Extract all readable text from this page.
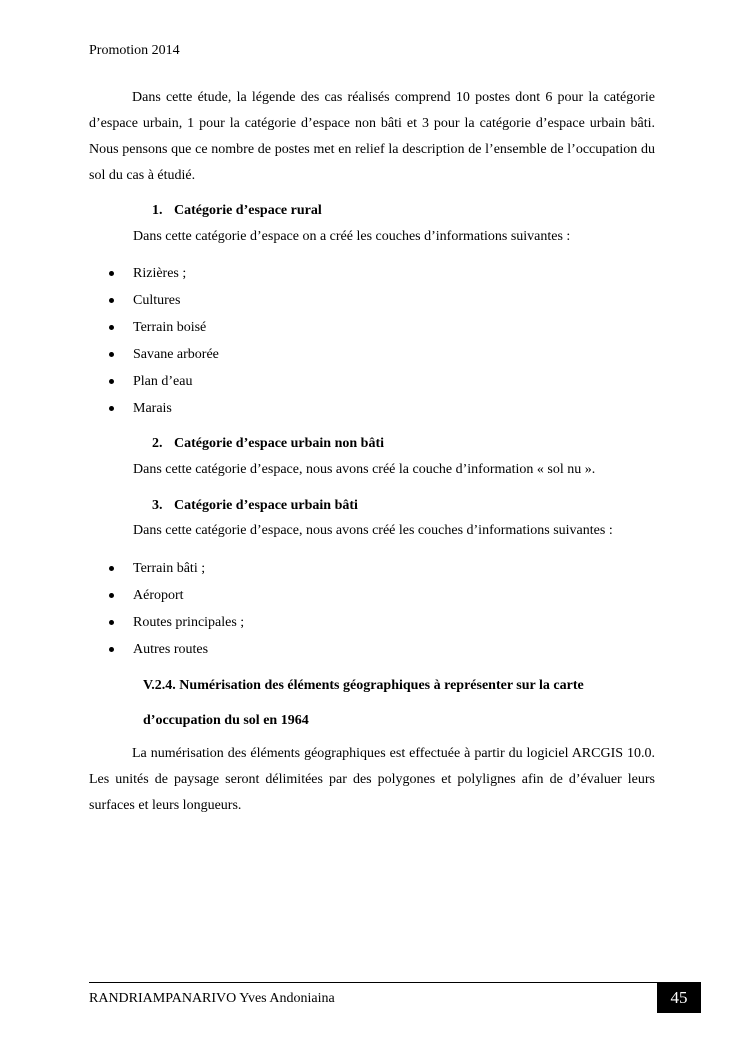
Promotion 2014
Dans cette étude, la légende des cas réalisés comprend 10 postes dont 6 pour la catégorie d’espace urbain, 1 pour la catégorie d’espace non bâti et 3 pour la catégorie d’espace urbain bâti. Nous pensons que ce nombre de postes met en relief la description de l’ensemble de l’occupation du sol du cas à étudié.
1. Catégorie d’espace rural
Dans cette catégorie d’espace on a créé les couches d’informations suivantes :
Rizières ;
Cultures
Terrain boisé
Savane arborée
Plan d’eau
Marais
2. Catégorie d’espace urbain non bâti
Dans cette catégorie d’espace, nous avons créé la couche d’information « sol nu ».
3. Catégorie d’espace urbain bâti
Dans cette catégorie d’espace, nous avons créé les couches d’informations suivantes :
Terrain bâti ;
Aéroport
Routes principales ;
Autres routes
V.2.4. Numérisation des éléments géographiques à représenter sur la carte
d’occupation du sol en 1964
La numérisation des éléments géographiques est effectuée à partir du logiciel ARCGIS 10.0. Les unités de paysage seront délimitées par des polygones et polylignes afin de d’évaluer leurs surfaces et leurs longueurs.
RANDRIAMPANARIVO Yves Andoniaina	45
